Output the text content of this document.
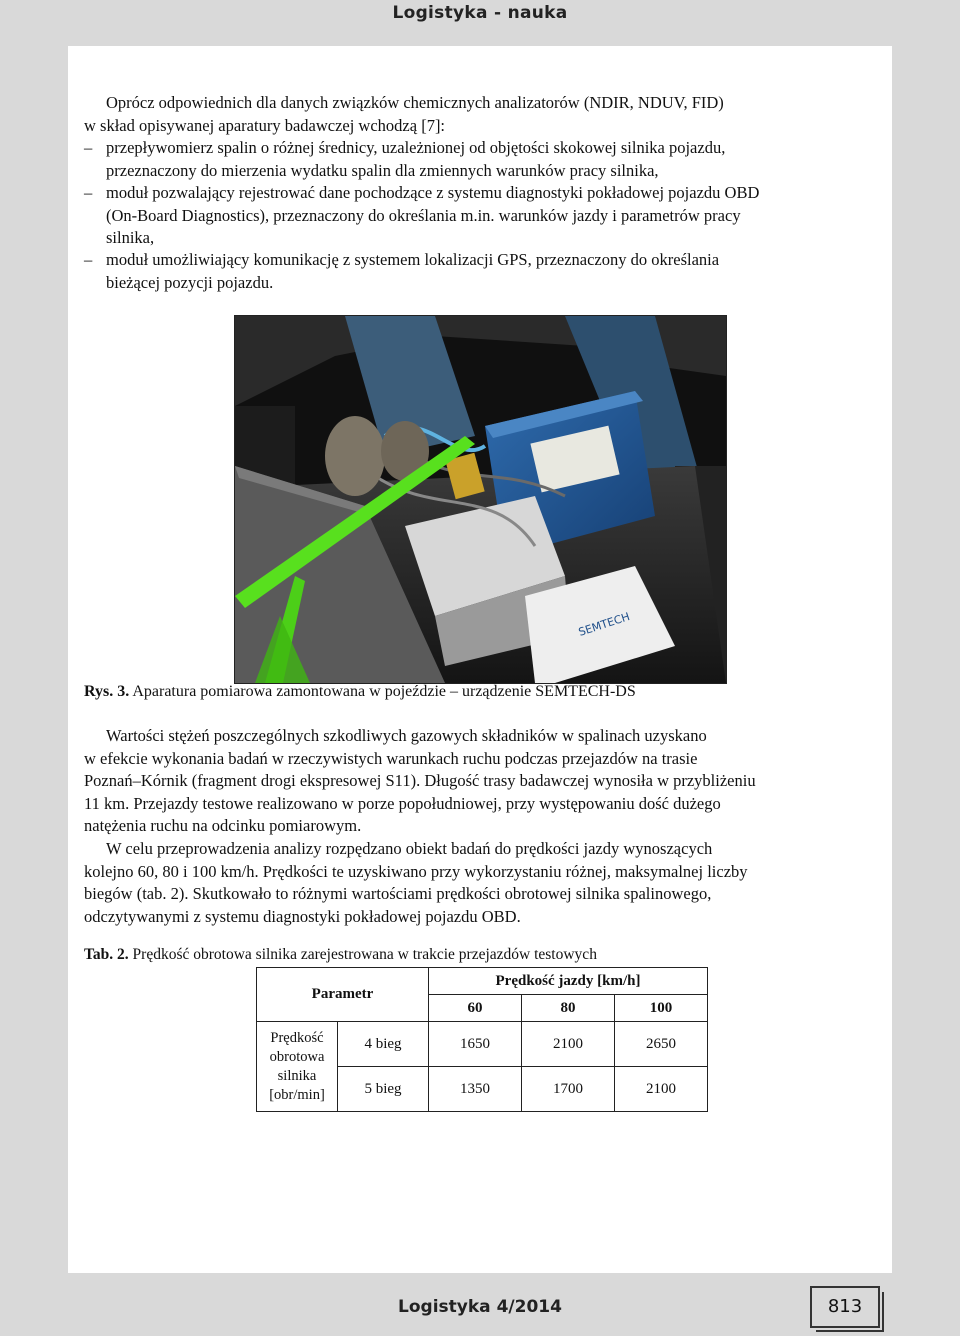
Logistyka - nauka
Oprócz odpowiednich dla danych związków chemicznych analizatorów (NDIR, NDUV, FID)
w skład opisywanej aparatury badawczej wchodzą [7]:
– przepływomierz spalin o różnej średnicy, uzależnionej od objętości skokowej silnika pojazdu,
przeznaczony do mierzenia wydatku spalin dla zmiennych warunków pracy silnika,
– moduł pozwalający rejestrować dane pochodzące z systemu diagnostyki pokładowej pojazdu OBD
(On-Board Diagnostics), przeznaczony do określania m.in. warunków jazdy i parametrów pracy
silnika,
– moduł umożliwiający komunikację z systemem lokalizacji GPS, przeznaczony do określania
bieżącej pozycji pojazdu.
SEMTECH
Rys. 3. Aparatura pomiarowa zamontowana w pojeździe – urządzenie SEMTECH-DS
Wartości stężeń poszczególnych szkodliwych gazowych składników w spalinach uzyskano
w efekcie wykonania badań w rzeczywistych warunkach ruchu podczas przejazdów na trasie
Poznań–Kórnik (fragment drogi ekspresowej S11). Długość trasy badawczej wynosiła w przybliżeniu
11 km. Przejazdy testowe realizowano w porze popołudniowej, przy występowaniu dość dużego
natężenia ruchu na odcinku pomiarowym.
W celu przeprowadzenia analizy rozpędzano obiekt badań do prędkości jazdy wynoszących
kolejno 60, 80 i 100 km/h. Prędkości te uzyskiwano przy wykorzystaniu różnej, maksymalnej liczby
biegów (tab. 2). Skutkowało to różnymi wartościami prędkości obrotowej silnika spalinowego,
odczytywanymi z systemu diagnostyki pokładowej pojazdu OBD.
Tab. 2. Prędkość obrotowa silnika zarejestrowana w trakcie przejazdów testowych
Parametr		Prędkość jazdy [km/h]		
		60	80	100

Prędkość
obrotowa
silnika
[obr/min]	4 bieg	1650	2100	2650
	5 bieg	1350	1700	2100
Logistyka 4/2014	813
